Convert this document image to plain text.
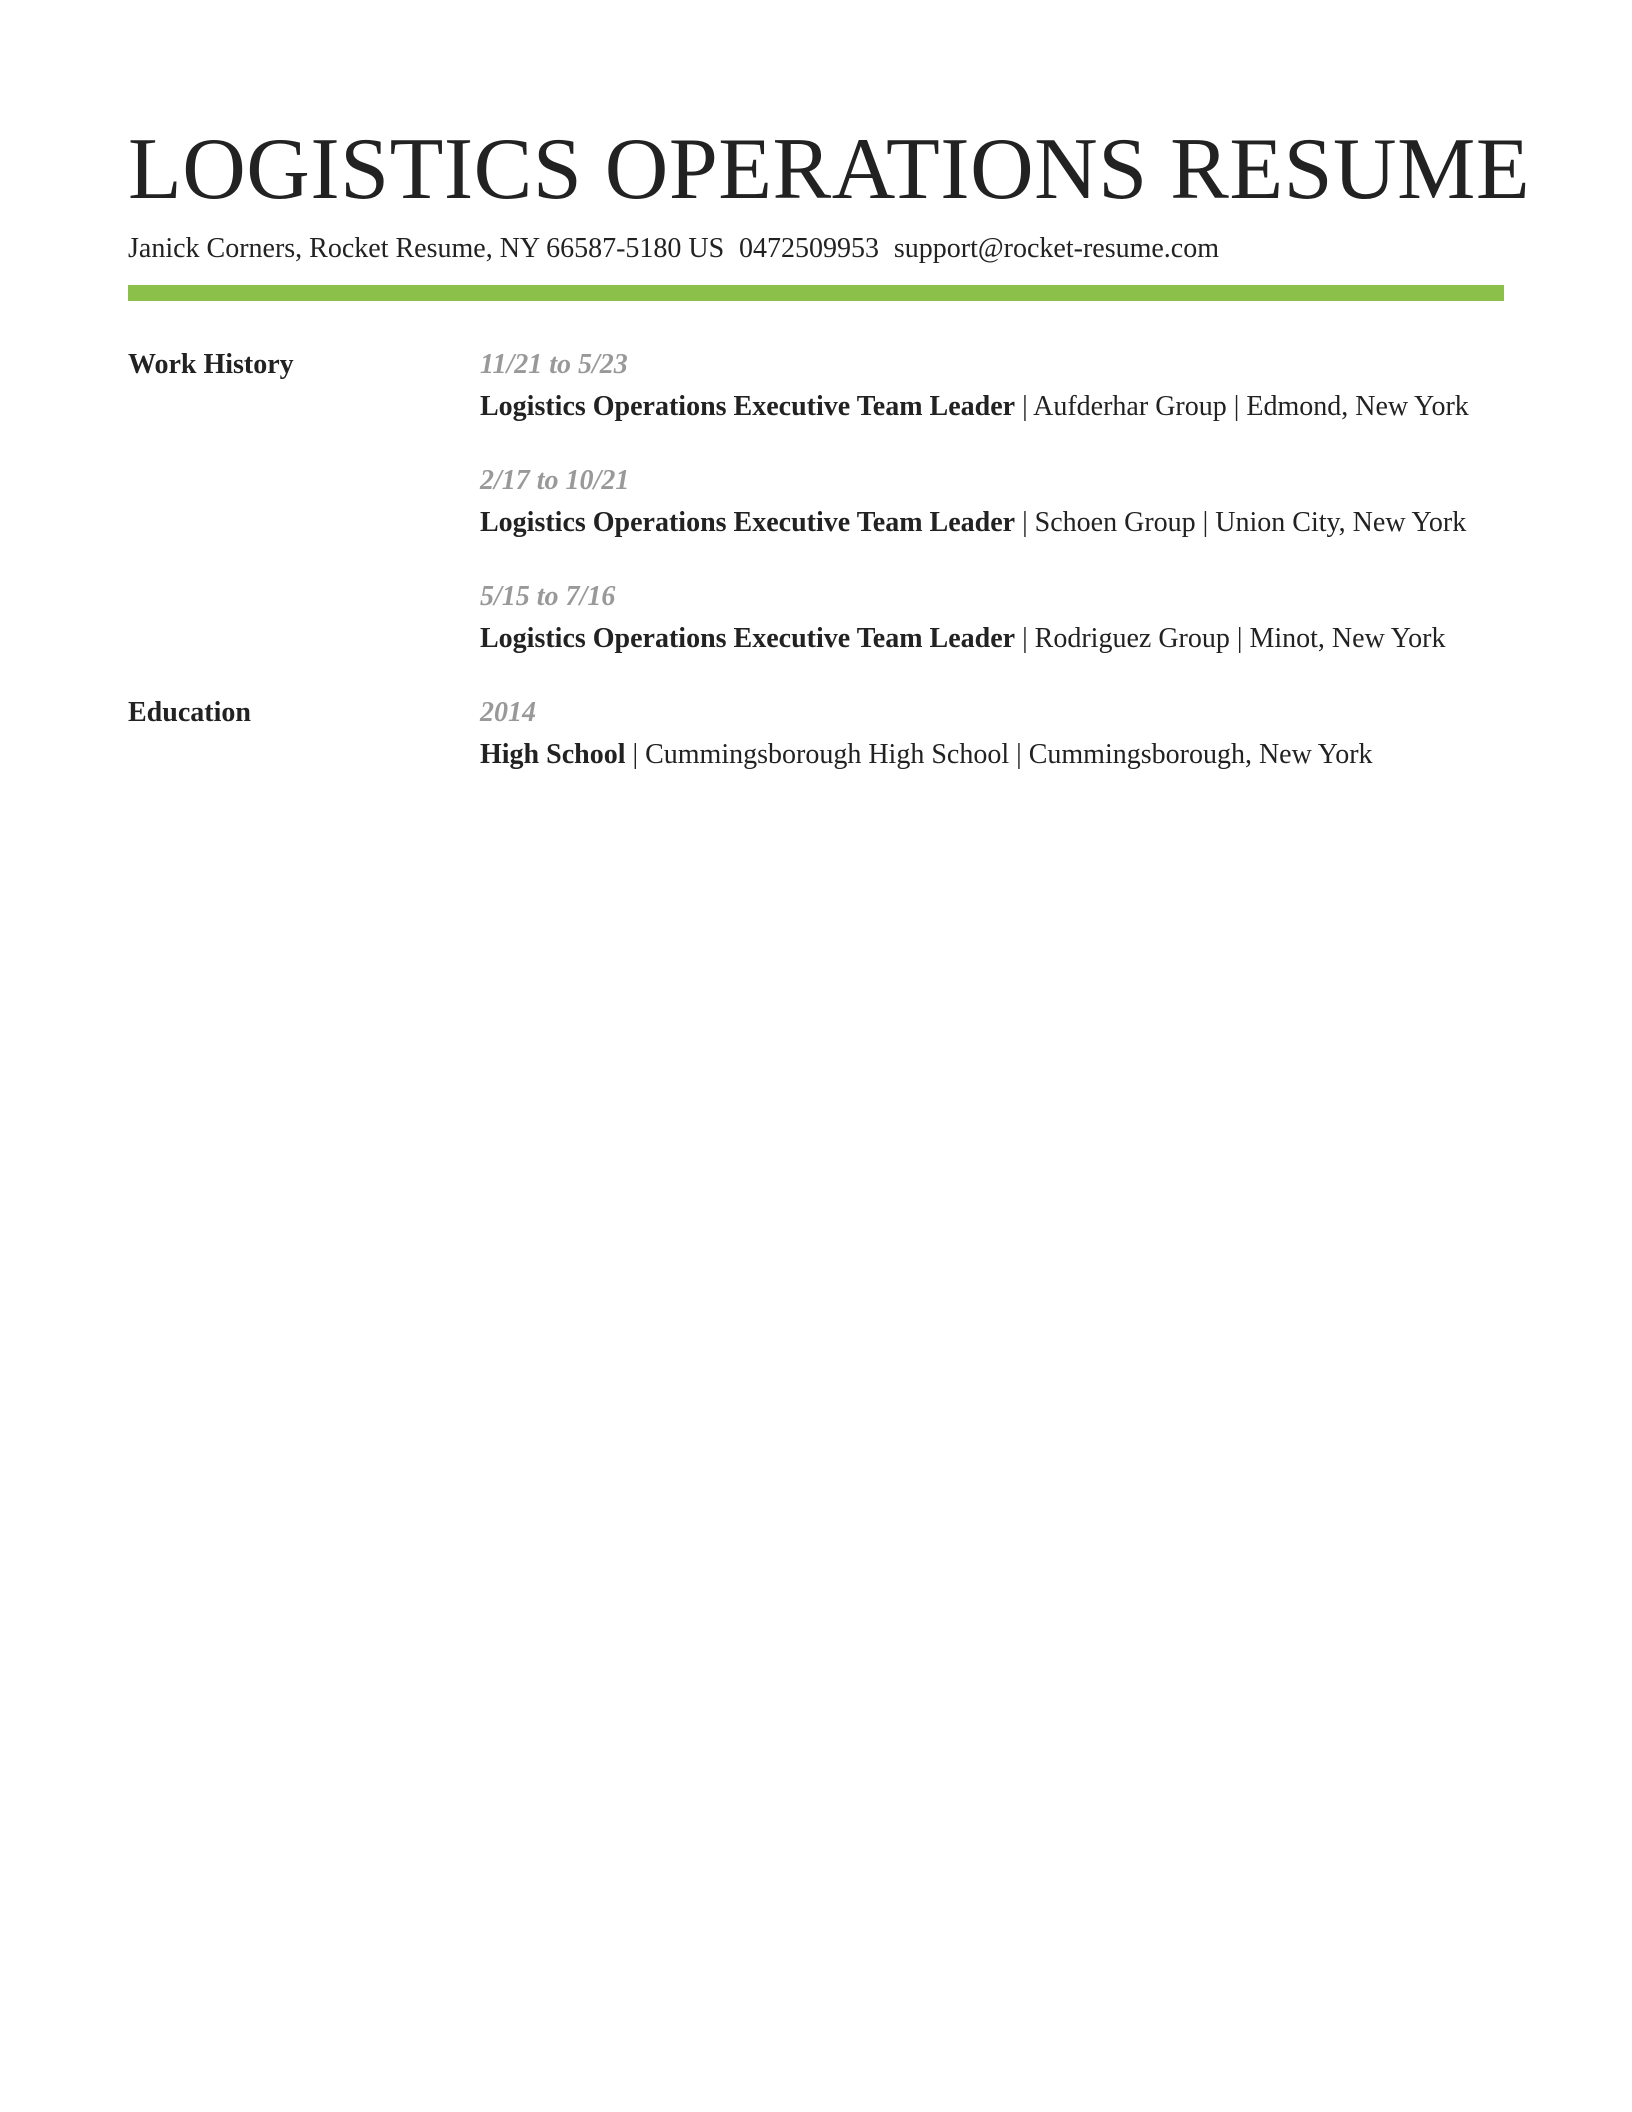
LOGISTICS OPERATIONS RESUME
Janick Corners, Rocket Resume, NY 66587-5180 US 0472509953 support@rocket-resume.com
Work History	11/21 to 5/23
Logistics Operations Executive Team Leader | Aufderhar Group | Edmond, New York
2/17 to 10/21
Logistics Operations Executive Team Leader | Schoen Group | Union City, New York
5/15 to 7/16
Logistics Operations Executive Team Leader | Rodriguez Group | Minot, New York
Education	2014
High School | Cummingsborough High School | Cummingsborough, New York
